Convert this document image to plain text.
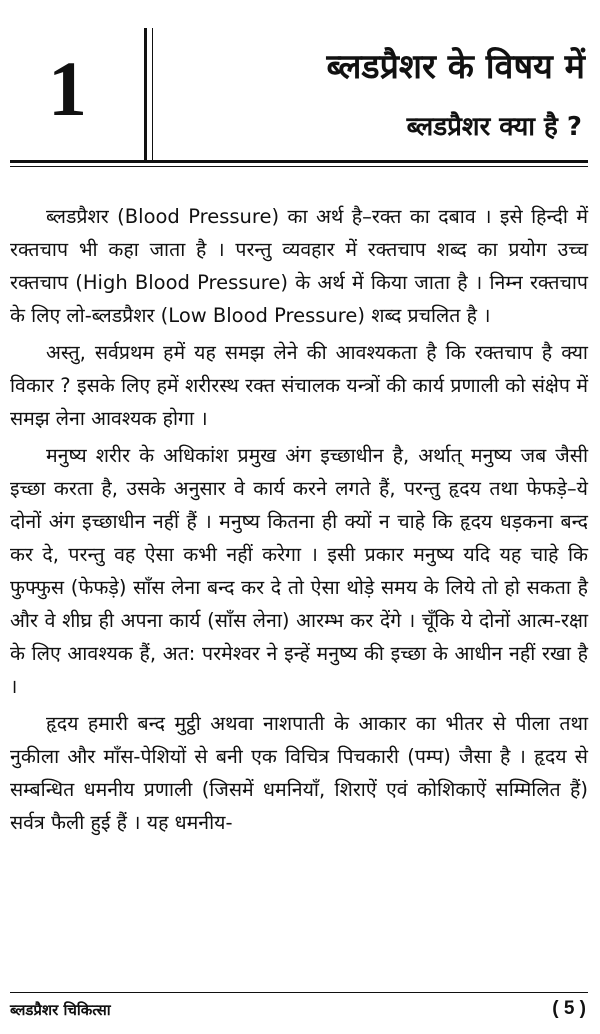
1	ब्लडप्रैशर के विषय में
ब्लडप्रैशर क्या है ?

ब्लडप्रैशर (Blood Pressure) का अर्थ है–रक्त का दबाव । इसे हिन्दी में रक्तचाप भी कहा जाता है । परन्तु व्यवहार में रक्तचाप शब्द का प्रयोग उच्च रक्तचाप (High Blood Pressure) के अर्थ में किया जाता है । निम्न रक्तचाप के लिए लो-ब्लडप्रैशर (Low Blood Pressure) शब्द प्रचलित है ।

अस्तु, सर्वप्रथम हमें यह समझ लेने की आवश्यकता है कि रक्तचाप है क्या विकार ? इसके लिए हमें शरीरस्थ रक्त संचालक यन्त्रों की कार्य प्रणाली को संक्षेप में समझ लेना आवश्यक होगा ।

मनुष्य शरीर के अधिकांश प्रमुख अंग इच्छाधीन है, अर्थात् मनुष्य जब जैसी इच्छा करता है, उसके अनुसार वे कार्य करने लगते हैं, परन्तु हृदय तथा फेफड़े–ये दोनों अंग इच्छाधीन नहीं हैं । मनुष्य कितना ही क्यों न चाहे कि हृदय धड़कना बन्द कर दे, परन्तु वह ऐसा कभी नहीं करेगा । इसी प्रकार मनुष्य यदि यह चाहे कि फुफ्फुस (फेफड़े) साँस लेना बन्द कर दे तो ऐसा थोड़े समय के लिये तो हो सकता है और वे शीघ्र ही अपना कार्य (साँस लेना) आरम्भ कर देंगे । चूँकि ये दोनों आत्म-रक्षा के लिए आवश्यक हैं, अत: परमेश्वर ने इन्हें मनुष्य की इच्छा के आधीन नहीं रखा है ।

हृदय हमारी बन्द मुट्ठी अथवा नाशपाती के आकार का भीतर से पीला तथा नुकीला और माँस-पेशियों से बनी एक विचित्र पिचकारी (पम्प) जैसा है । हृदय से सम्बन्धित धमनीय प्रणाली (जिसमें धमनियाँ, शिराऐं एवं कोशिकाऐं सम्मिलित हैं) सर्वत्र फैली हुई हैं । यह धमनीय-

ब्लडप्रैशर चिकित्सा	( 5 )
